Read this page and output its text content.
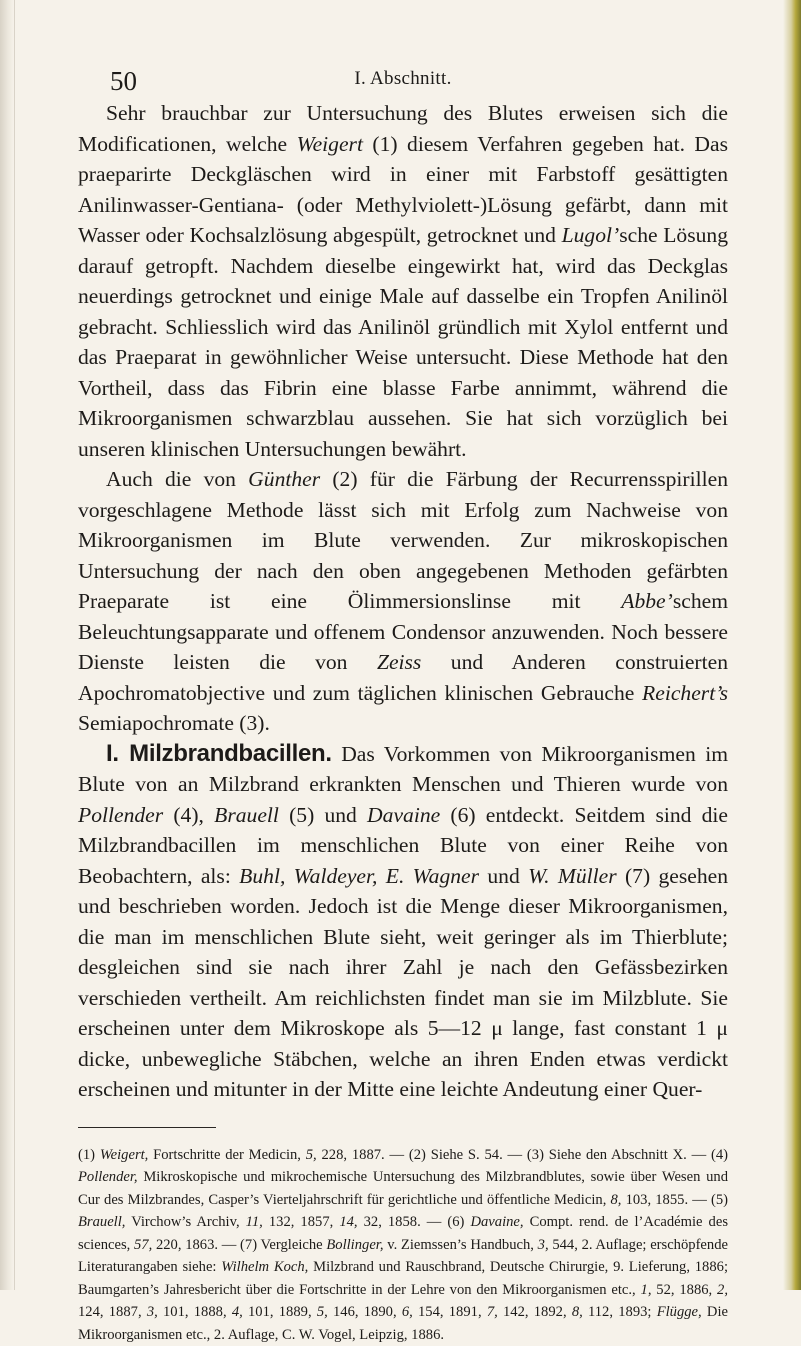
50	I. Abschnitt.

Sehr brauchbar zur Untersuchung des Blutes erweisen sich die Modificationen, welche Weigert (1) diesem Verfahren gegeben hat. Das praeparirte Deckgläschen wird in einer mit Farbstoff gesättigten Anilinwasser-Gentiana- (oder Methylviolett-)Lösung gefärbt, dann mit Wasser oder Kochsalzlösung abgespült, getrocknet und Lugol’sche Lösung darauf getropft. Nachdem dieselbe eingewirkt hat, wird das Deckglas neuerdings getrocknet und einige Male auf dasselbe ein Tropfen Anilinöl gebracht. Schliesslich wird das Anilinöl gründlich mit Xylol entfernt und das Praeparat in gewöhnlicher Weise untersucht. Diese Methode hat den Vortheil, dass das Fibrin eine blasse Farbe annimmt, während die Mikroorganismen schwarzblau aussehen. Sie hat sich vorzüglich bei unseren klinischen Untersuchungen bewährt.

Auch die von Günther (2) für die Färbung der Recurrensspirillen vorgeschlagene Methode lässt sich mit Erfolg zum Nachweise von Mikroorganismen im Blute verwenden. Zur mikroskopischen Untersuchung der nach den oben angegebenen Methoden gefärbten Praeparate ist eine Ölimmersionslinse mit Abbe’schem Beleuchtungsapparate und offenem Condensor anzuwenden. Noch bessere Dienste leisten die von Zeiss und Anderen construierten Apochromatobjective und zum täglichen klinischen Gebrauche Reichert’s Semiapochromate (3).

I. Milzbrandbacillen. Das Vorkommen von Mikroorganismen im Blute von an Milzbrand erkrankten Menschen und Thieren wurde von Pollender (4), Brauell (5) und Davaine (6) entdeckt. Seitdem sind die Milzbrandbacillen im menschlichen Blute von einer Reihe von Beobachtern, als: Buhl, Waldeyer, E. Wagner und W. Müller (7) gesehen und beschrieben worden. Jedoch ist die Menge dieser Mikroorganismen, die man im menschlichen Blute sieht, weit geringer als im Thierblute; desgleichen sind sie nach ihrer Zahl je nach den Gefässbezirken verschieden vertheilt. Am reichlichsten findet man sie im Milzblute. Sie erscheinen unter dem Mikroskope als 5—12 μ lange, fast constant 1 μ dicke, unbewegliche Stäbchen, welche an ihren Enden etwas verdickt erscheinen und mitunter in der Mitte eine leichte Andeutung einer Quer-

(1) Weigert, Fortschritte der Medicin, 5, 228, 1887. — (2) Siehe S. 54. — (3) Siehe den Abschnitt X. — (4) Pollender, Mikroskopische und mikrochemische Untersuchung des Milzbrandblutes, sowie über Wesen und Cur des Milzbrandes, Casper’s Vierteljahrschrift für gerichtliche und öffentliche Medicin, 8, 103, 1855. — (5) Brauell, Virchow’s Archiv, 11, 132, 1857, 14, 32, 1858. — (6) Davaine, Compt. rend. de l’Académie des sciences, 57, 220, 1863. — (7) Vergleiche Bollinger, v. Ziemssen’s Handbuch, 3, 544, 2. Auflage; erschöpfende Literaturangaben siehe: Wilhelm Koch, Milzbrand und Rauschbrand, Deutsche Chirurgie, 9. Lieferung, 1886; Baumgarten’s Jahresbericht über die Fortschritte in der Lehre von den Mikroorganismen etc., 1, 52, 1886, 2, 124, 1887, 3, 101, 1888, 4, 101, 1889, 5, 146, 1890, 6, 154, 1891, 7, 142, 1892, 8, 112, 1893; Flügge, Die Mikroorganismen etc., 2. Auflage, C. W. Vogel, Leipzig, 1886.
